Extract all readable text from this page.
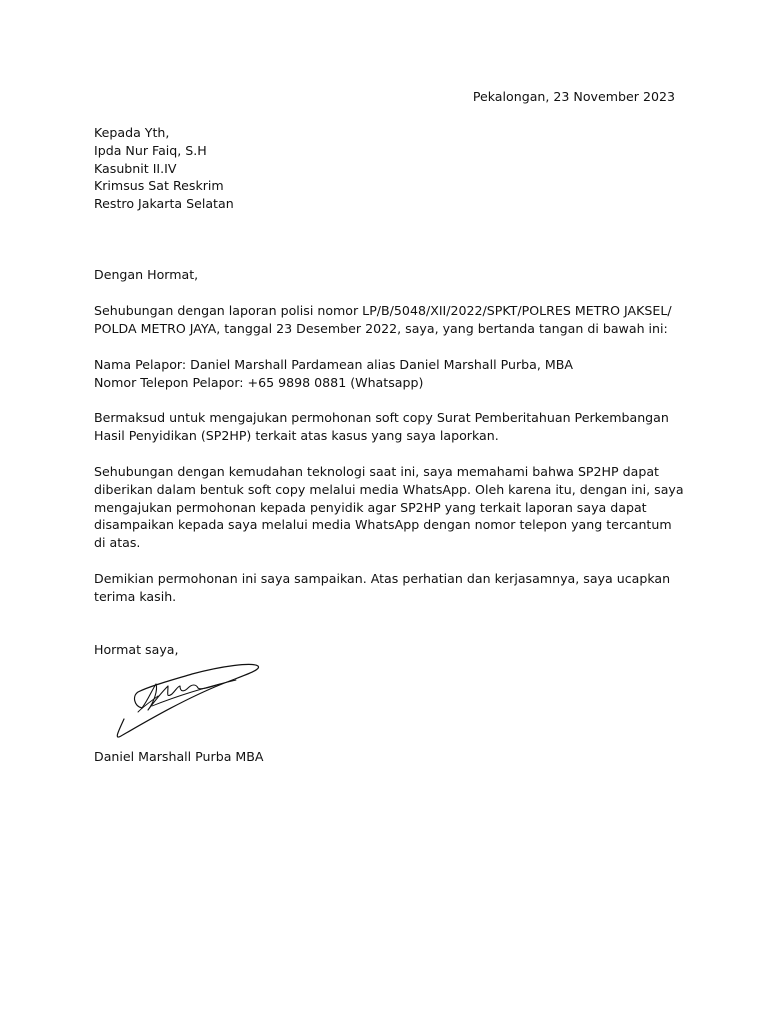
Pekalongan, 23 November 2023
Kepada Yth,
Ipda Nur Faiq, S.H
Kasubnit II.IV
Krimsus Sat Reskrim
Restro Jakarta Selatan
Dengan Hormat,
Sehubungan dengan laporan polisi nomor LP/B/5048/XII/2022/SPKT/POLRES METRO JAKSEL/
POLDA METRO JAYA, tanggal 23 Desember 2022, saya, yang bertanda tangan di bawah ini:
Nama Pelapor: Daniel Marshall Pardamean alias Daniel Marshall Purba, MBA
Nomor Telepon Pelapor: +65 9898 0881 (Whatsapp)
Bermaksud untuk mengajukan permohonan soft copy Surat Pemberitahuan Perkembangan
Hasil Penyidikan (SP2HP) terkait atas kasus yang saya laporkan.
Sehubungan dengan kemudahan teknologi saat ini, saya memahami bahwa SP2HP dapat
diberikan dalam bentuk soft copy melalui media WhatsApp. Oleh karena itu, dengan ini, saya
mengajukan permohonan kepada penyidik agar SP2HP yang terkait laporan saya dapat
disampaikan kepada saya melalui media WhatsApp dengan nomor telepon yang tercantum
di atas.
Demikian permohonan ini saya sampaikan. Atas perhatian dan kerjasamnya, saya ucapkan
terima kasih.
Hormat saya,
Daniel Marshall Purba MBA
